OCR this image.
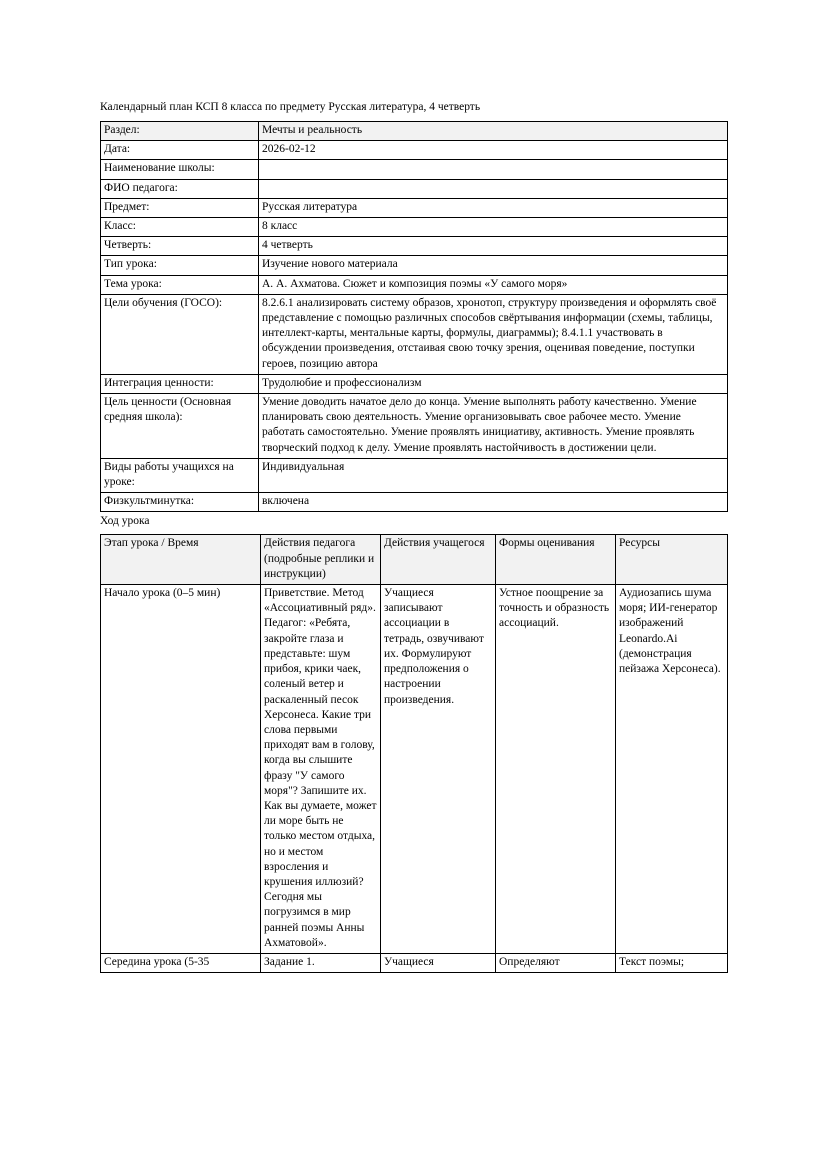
Календарный план КСП 8 класса по предмету Русская литература, 4 четверть
Раздел:	Мечты и реальность
Дата:	2026-02-12
Наименование школы:	
ФИО педагога:	
Предмет:	Русская литература
Класс:	8 класс
Четверть:	4 четверть
Тип урока:	Изучение нового материала
Тема урока:	А. А. Ахматова. Сюжет и композиция поэмы «У самого моря»
Цели обучения (ГОСО):	8.2.6.1 анализировать систему образов, хронотоп, структуру произведения и оформлять своё представление с помощью различных способов свёртывания информации (схемы, таблицы, интеллект-карты, ментальные карты, формулы, диаграммы); 8.4.1.1 участвовать в обсуждении произведения, отстаивая свою точку зрения, оценивая поведение, поступки героев, позицию автора
Интеграция ценности:	Трудолюбие и профессионализм
Цель ценности (Основная средняя школа):	Умение доводить начатое дело до конца. Умение выполнять работу качественно. Умение планировать свою деятельность. Умение организовывать свое рабочее место. Умение работать самостоятельно. Умение проявлять инициативу, активность. Умение проявлять творческий подход к делу. Умение проявлять настойчивость в достижении цели.
Виды работы учащихся на уроке:	Индивидуальная
Физкультминутка:	включена
Ход урока
Этап урока / Время	Действия педагога (подробные реплики и инструкции)	Действия учащегося	Формы оценивания	Ресурсы
Начало урока (0–5 мин)	Приветствие. Метод «Ассоциативный ряд». Педагог: «Ребята, закройте глаза и представьте: шум прибоя, крики чаек, соленый ветер и раскаленный песок Херсонеса. Какие три слова первыми приходят вам в голову, когда вы слышите фразу "У самого моря"? Запишите их. Как вы думаете, может ли море быть не только местом отдыха, но и местом взросления и крушения иллюзий? Сегодня мы погрузимся в мир ранней поэмы Анны Ахматовой».	Учащиеся записывают ассоциации в тетрадь, озвучивают их. Формулируют предположения о настроении произведения.	Устное поощрение за точность и образность ассоциаций.	Аудиозапись шума моря; ИИ-генератор изображений Leonardo.Ai (демонстрация пейзажа Херсонеса).
Середина урока (5-35	Задание 1.	Учащиеся	Определяют	Текст поэмы;
